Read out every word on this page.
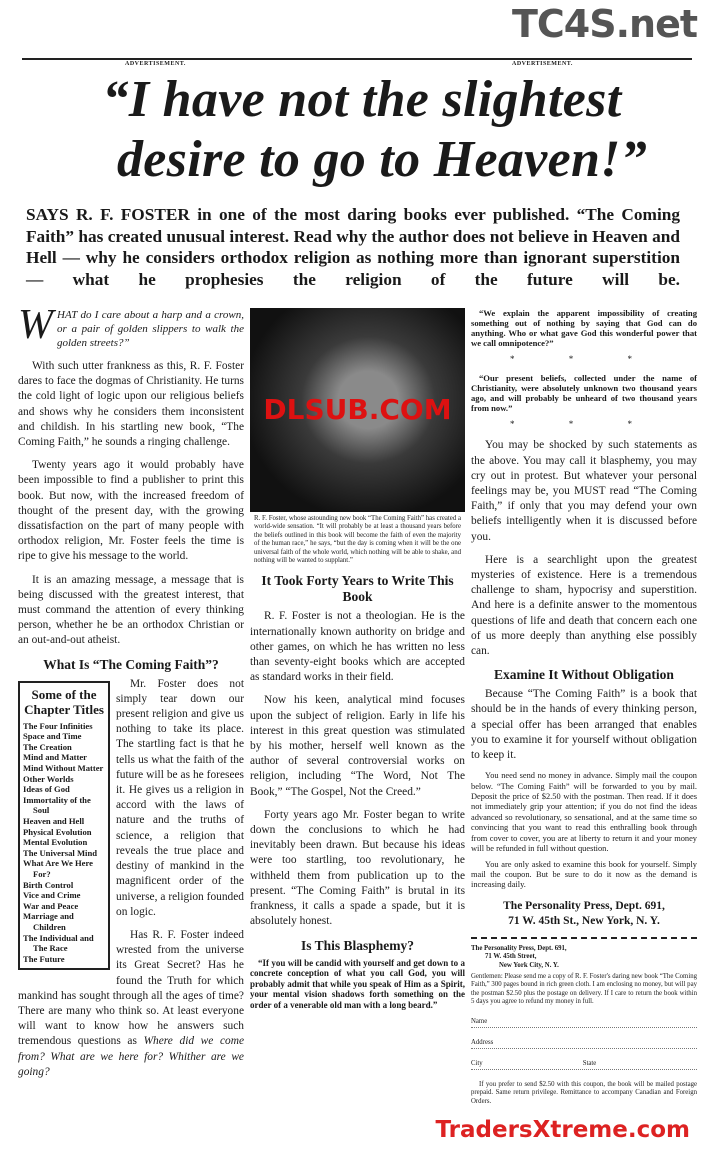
TC4S.net
ADVERTISEMENT.	ADVERTISEMENT.
“I have not the slightest
desire to go to Heaven!”
SAYS R. F. FOSTER in one of the most daring books ever published. “The Coming Faith” has created unusual interest. Read why the author does not believe in Heaven and Hell — why he considers orthodox religion as nothing more than ignorant superstition — what he prophesies the religion of the future will be.

WHAT do I care about a harp and a crown, or a pair of golden slippers to walk the golden streets?”

With such utter frankness as this, R. F. Foster dares to face the dogmas of Christianity. He turns the cold light of logic upon our religious beliefs and shows why he considers them inconsistent and childish. In his startling new book, “The Coming Faith,” he sounds a ringing challenge.

Twenty years ago it would probably have been impossible to find a publisher to print this book. But now, with the increased freedom of thought of the present day, with the growing dissatisfaction on the part of many people with orthodox religion, Mr. Foster feels the time is ripe to give his message to the world.

It is an amazing message, a message that is being discussed with the greatest interest, that must command the attention of every thinking person, whether he be an orthodox Christian or an out-and-out atheist.

What Is “The Coming Faith”?
Some of the Chapter Titles
The Four Infinities
Space and Time
The Creation
Mind and Matter
Mind Without Matter
Other Worlds
Ideas of God
Immortality of the Soul
Heaven and Hell
Physical Evolution
Mental Evolution
The Universal Mind
What Are We Here For?
Birth Control
Vice and Crime
War and Peace
Marriage and Children
The Individual and The Race
The Future

Mr. Foster does not simply tear down our present religion and give us nothing to take its place. The startling fact is that he tells us what the faith of the future will be as he foresees it. He gives us a religion in accord with the laws of nature and the truths of science, a religion that reveals the true place and destiny of mankind in the magnificent order of the universe, a religion founded on logic.

Has R. F. Foster indeed wrested from the universe its Great Secret? Has he found the Truth for which mankind has sought through all the ages of time? There are many who think so. At least everyone will want to know how he answers such tremendous questions as Where did we come from? What are we here for? Whither are we going?

DLSUB.COM
R. F. Foster, whose astounding new book “The Coming Faith” has created a world-wide sensation. “It will probably be at least a thousand years before the beliefs outlined in this book will become the faith of even the majority of the human race,” he says, “but the day is coming when it will be the one universal faith of the whole world, which nothing will be able to shake, and nothing will be wanted to supplant.”
It Took Forty Years to Write This Book

R. F. Foster is not a theologian. He is the internationally known authority on bridge and other games, on which he has written no less than seventy-eight books which are accepted as standard works in their field.

Now his keen, analytical mind focuses upon the subject of religion. Early in life his interest in this great question was stimulated by his mother, herself well known as the author of several controversial works on religion, including “The Word, Not The Book,” “The Gospel, Not the Creed.”

Forty years ago Mr. Foster began to write down the conclusions to which he had inevitably been drawn. But because his ideas were too startling, too revolutionary, he withheld them from publication up to the present. “The Coming Faith” is brutal in its frankness, it calls a spade a spade, but it is absolutely honest.

Is This Blasphemy?
“If you will be candid with yourself and get down to a concrete conception of what you call God, you will probably admit that while you speak of Him as a Spirit, your mental vision shadows forth something on the order of a venerable old man with a long beard.”
“We explain the apparent impossibility of creating something out of nothing by saying that God can do anything. Who or what gave God this wonderful power that we call omnipotence?”
* * *
“Our present beliefs, collected under the name of Christianity, were absolutely unknown two thousand years ago, and will probably be unheard of two thousand years from now.”
* * *

You may be shocked by such statements as the above. You may call it blasphemy, you may cry out in protest. But whatever your personal feelings may be, you MUST read “The Coming Faith,” if only that you may defend your own beliefs intelligently when it is discussed before you.

Here is a searchlight upon the greatest mysteries of existence. Here is a tremendous challenge to sham, hypocrisy and superstition. And here is a definite answer to the momentous questions of life and death that concern each one of us more deeply than anything else possibly can.

Examine It Without Obligation

Because “The Coming Faith” is a book that should be in the hands of every thinking person, a special offer has been arranged that enables you to examine it for yourself without obligation to keep it.

You need send no money in advance. Simply mail the coupon below. “The Coming Faith” will be forwarded to you by mail. Deposit the price of $2.50 with the postman. Then read. If it does not immediately grip your attention; if you do not find the ideas advanced so revolutionary, so sensational, and at the same time so convincing that you want to read this enthralling book through from cover to cover, you are at liberty to return it and your money will be refunded in full without question.

You are only asked to examine this book for yourself. Simply mail the coupon. But be sure to do it now as the demand is increasing daily.

The Personality Press, Dept. 691,
71 W. 45th St., New York, N. Y.
The Personality Press, Dept. 691,
71 W. 45th Street,
New York City, N. Y.
Gentlemen: Please send me a copy of R. F. Foster's daring new book “The Coming Faith,” 300 pages bound in rich green cloth. I am enclosing no money, but will pay the postman $2.50 plus the postage on delivery. If I care to return the book within 5 days you agree to refund my money in full.
Name
Address
City	State
If you prefer to send $2.50 with this coupon, the book will be mailed postage prepaid. Same return privilege. Remittance to accompany Canadian and Foreign Orders.
TradersXtreme.com
